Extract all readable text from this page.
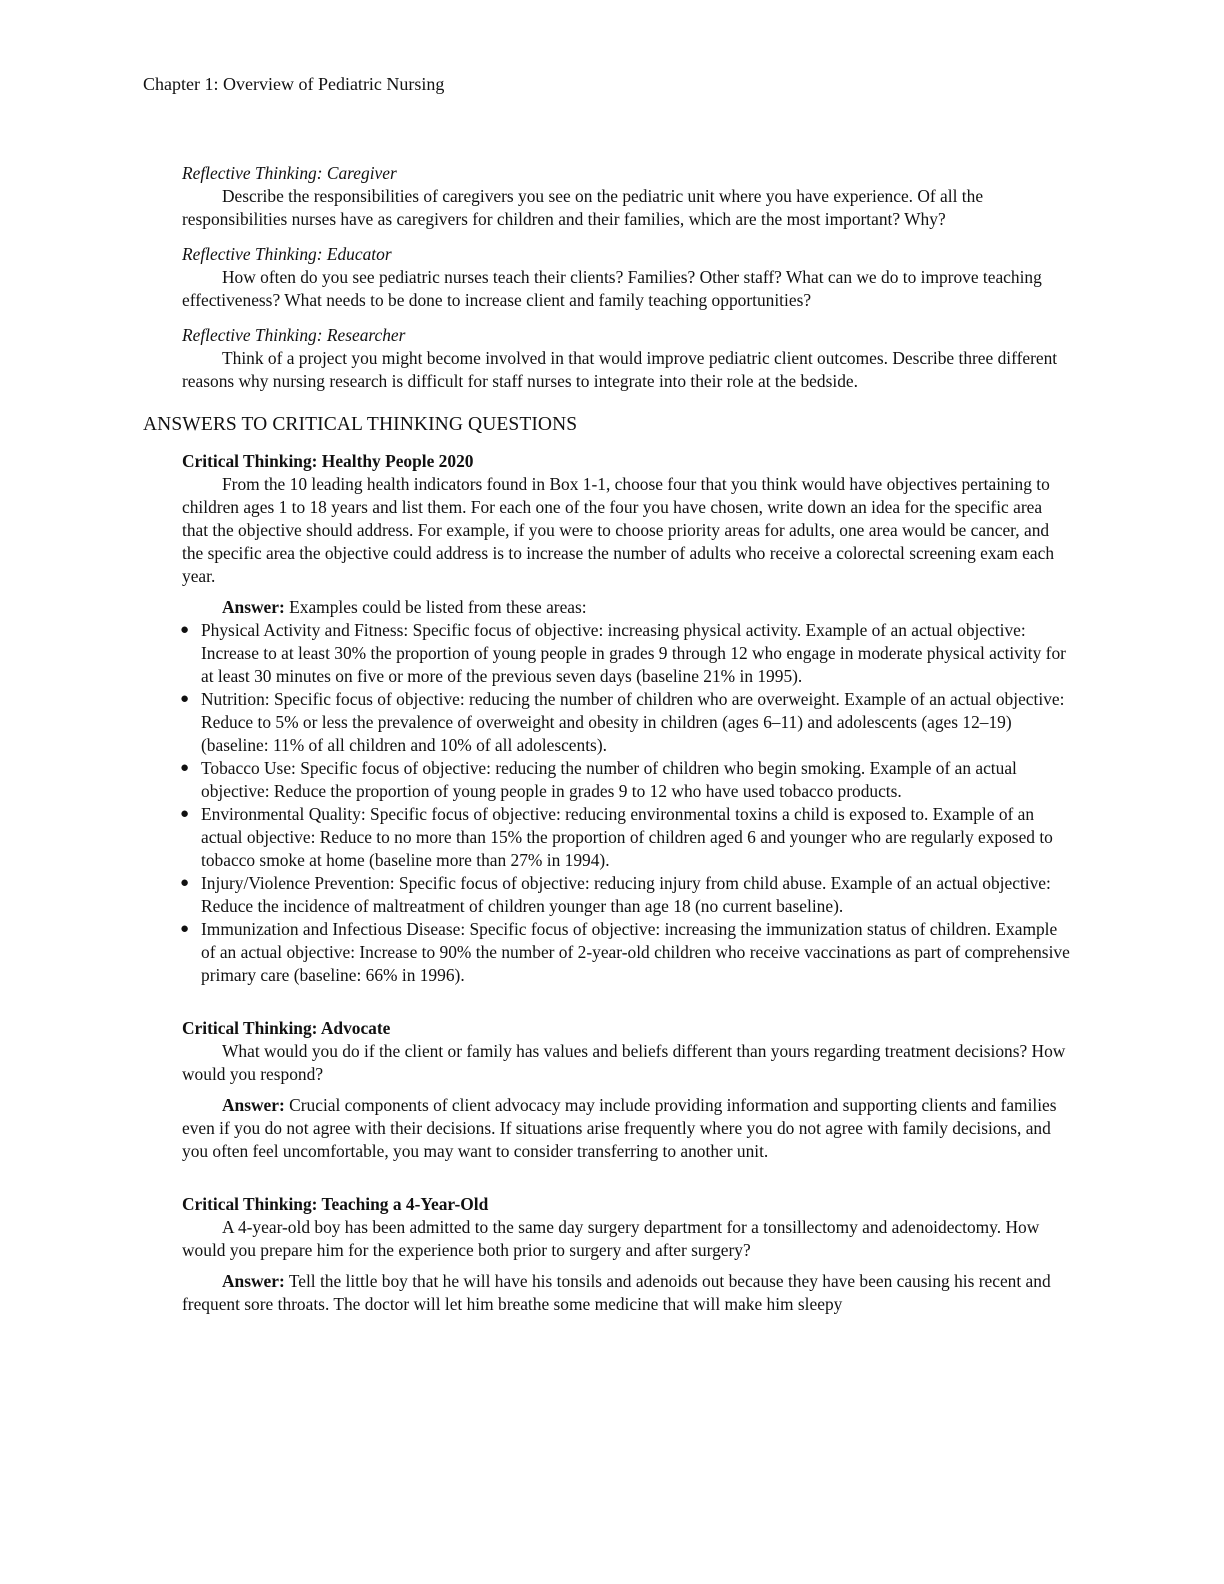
Chapter 1: Overview of Pediatric Nursing

Reflective Thinking: Caregiver

Describe the responsibilities of caregivers you see on the pediatric unit where you have experience. Of all the responsibilities nurses have as caregivers for children and their families, which are the most important? Why?

Reflective Thinking: Educator

How often do you see pediatric nurses teach their clients? Families? Other staff? What can we do to improve teaching effectiveness? What needs to be done to increase client and family teaching opportunities?

Reflective Thinking: Researcher

Think of a project you might become involved in that would improve pediatric client outcomes. Describe three different reasons why nursing research is difficult for staff nurses to integrate into their role at the bedside.

ANSWERS TO CRITICAL THINKING QUESTIONS

Critical Thinking: Healthy People 2020

From the 10 leading health indicators found in Box 1-1, choose four that you think would have objectives pertaining to children ages 1 to 18 years and list them. For each one of the four you have chosen, write down an idea for the specific area that the objective should address. For example, if you were to choose priority areas for adults, one area would be cancer, and the specific area the objective could address is to increase the number of adults who receive a colorectal screening exam each year.

Answer: Examples could be listed from these areas:

● Physical Activity and Fitness: Specific focus of objective: increasing physical activity. Example of an actual objective: Increase to at least 30% the proportion of young people in grades 9 through 12 who engage in moderate physical activity for at least 30 minutes on five or more of the previous seven days (baseline 21% in 1995).
● Nutrition: Specific focus of objective: reducing the number of children who are overweight. Example of an actual objective: Reduce to 5% or less the prevalence of overweight and obesity in children (ages 6–11) and adolescents (ages 12–19) (baseline: 11% of all children and 10% of all adolescents).
● Tobacco Use: Specific focus of objective: reducing the number of children who begin smoking. Example of an actual objective: Reduce the proportion of young people in grades 9 to 12 who have used tobacco products.
● Environmental Quality: Specific focus of objective: reducing environmental toxins a child is exposed to. Example of an actual objective: Reduce to no more than 15% the proportion of children aged 6 and younger who are regularly exposed to tobacco smoke at home (baseline more than 27% in 1994).
● Injury/Violence Prevention: Specific focus of objective: reducing injury from child abuse. Example of an actual objective: Reduce the incidence of maltreatment of children younger than age 18 (no current baseline).
● Immunization and Infectious Disease: Specific focus of objective: increasing the immunization status of children. Example of an actual objective: Increase to 90% the number of 2-year-old children who receive vaccinations as part of comprehensive primary care (baseline: 66% in 1996).

Critical Thinking: Advocate

What would you do if the client or family has values and beliefs different than yours regarding treatment decisions? How would you respond?

Answer: Crucial components of client advocacy may include providing information and supporting clients and families even if you do not agree with their decisions. If situations arise frequently where you do not agree with family decisions, and you often feel uncomfortable, you may want to consider transferring to another unit.

Critical Thinking: Teaching a 4-Year-Old

A 4-year-old boy has been admitted to the same day surgery department for a tonsillectomy and adenoidectomy. How would you prepare him for the experience both prior to surgery and after surgery?

Answer: Tell the little boy that he will have his tonsils and adenoids out because they have been causing his recent and frequent sore throats. The doctor will let him breathe some medicine that will make him sleepy
